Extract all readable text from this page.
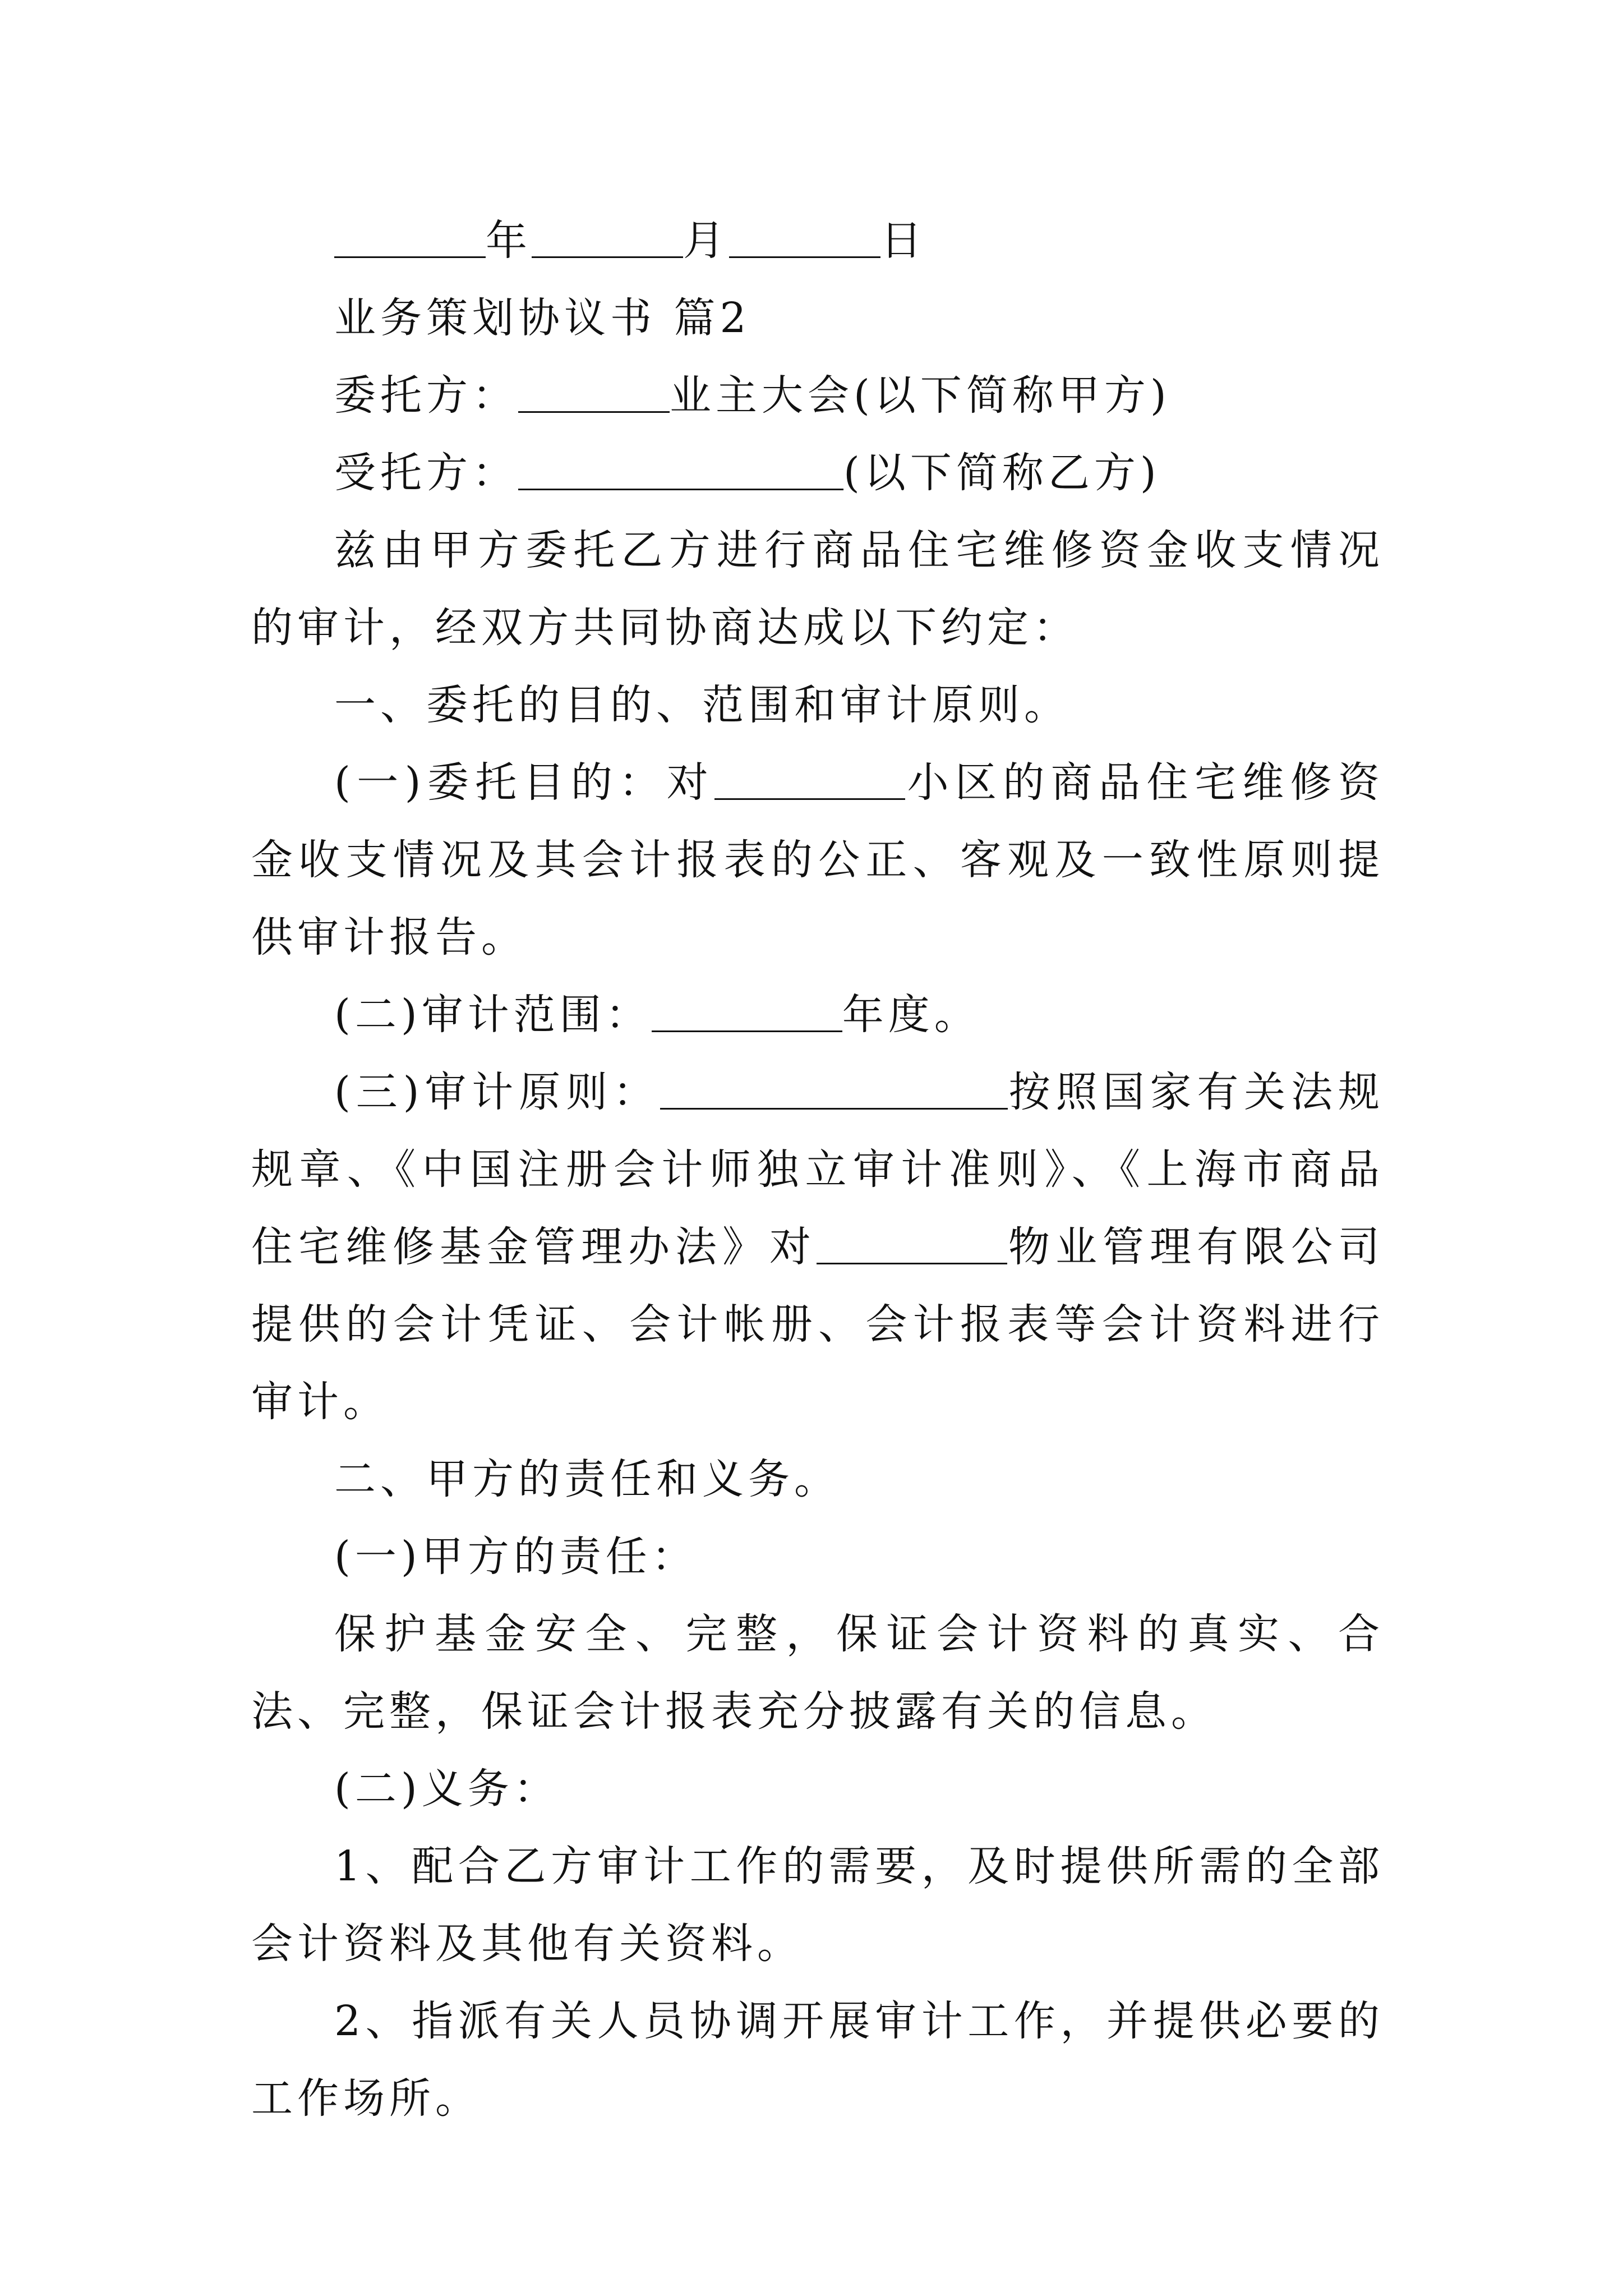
年	月	日

业务策划协议书 篇2

委托方：	业主大会(以下简称甲方)

受托方：	(以下简称乙方)

兹由甲方委托乙方进行商品住宅维修资金收支情况的审计，经双方共同协商达成以下约定：

一、委托的目的、范围和审计原则。

(一)委托目的：对	小区的商品住宅维修资金收支情况及其会计报表的公正、客观及一致性原则提供审计报告。

(二)审计范围：	年度。

(三)审计原则：	按照国家有关法规规章、《中国注册会计师独立审计准则》、《上海市商品住宅维修基金管理办法》对	物业管理有限公司提供的会计凭证、会计帐册、会计报表等会计资料进行审计。

二、甲方的责任和义务。

(一)甲方的责任：

保护基金安全、完整，保证会计资料的真实、合法、完整，保证会计报表充分披露有关的信息。

(二)义务：

1、配合乙方审计工作的需要，及时提供所需的全部会计资料及其他有关资料。

2、指派有关人员协调开展审计工作，并提供必要的工作场所。
